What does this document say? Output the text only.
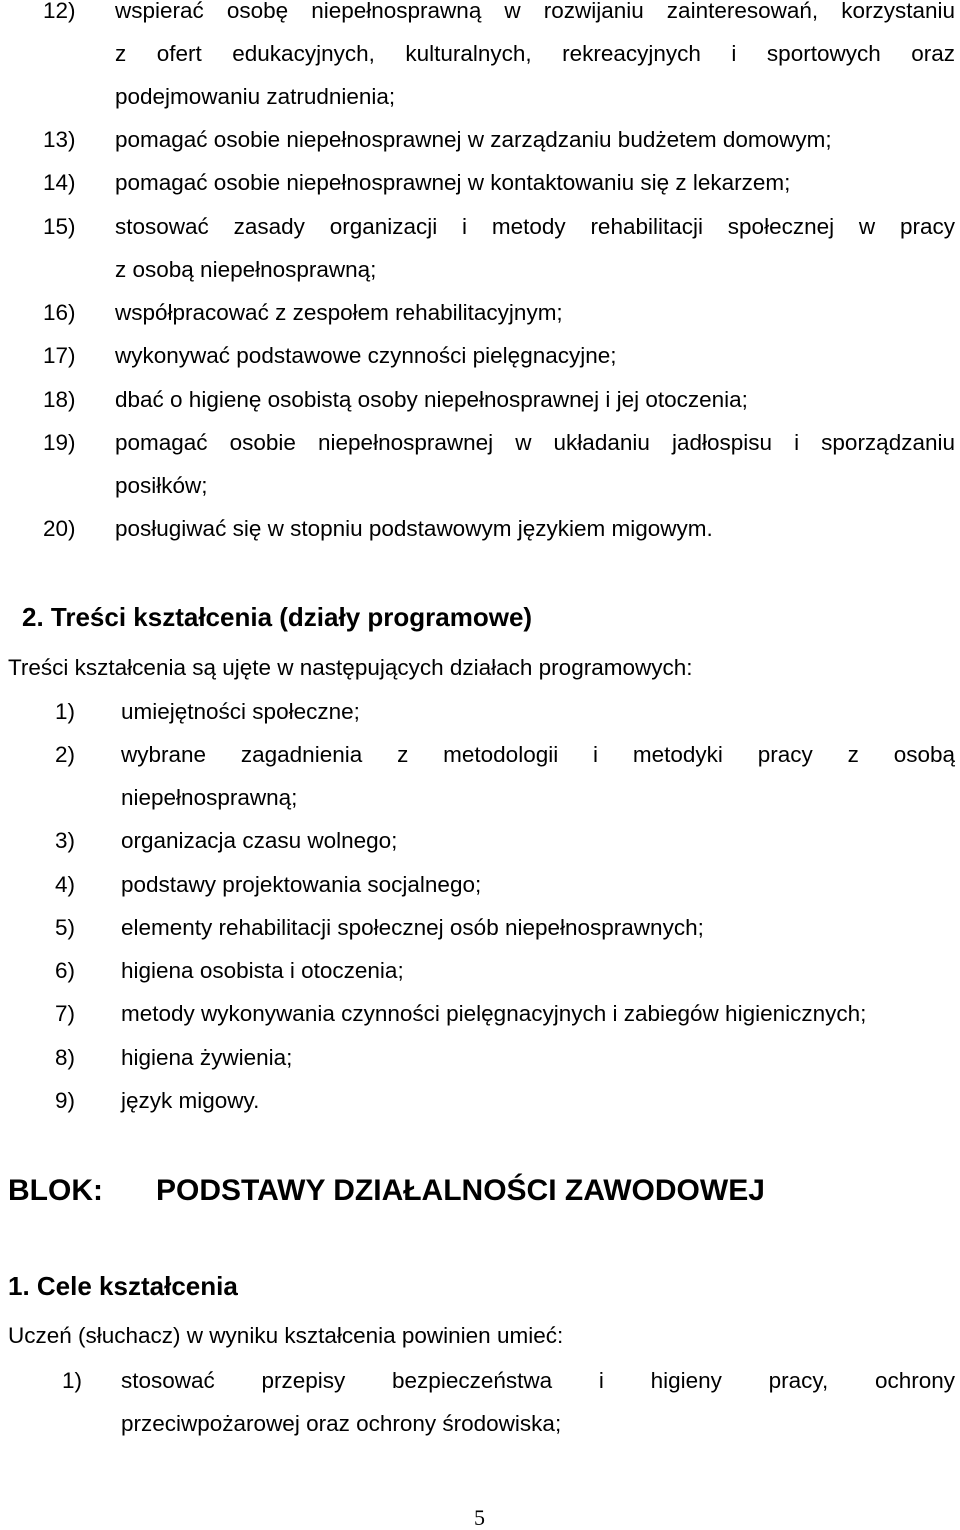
12) wspierać osobę niepełnosprawną w rozwijaniu zainteresowań, korzystaniu
z ofert edukacyjnych, kulturalnych, rekreacyjnych i sportowych oraz
podejmowaniu zatrudnienia;
13) pomagać osobie niepełnosprawnej w zarządzaniu budżetem domowym;
14) pomagać osobie niepełnosprawnej w kontaktowaniu się z lekarzem;
15) stosować zasady organizacji i metody rehabilitacji społecznej w pracy
z osobą niepełnosprawną;
16) współpracować z zespołem rehabilitacyjnym;
17) wykonywać podstawowe czynności pielęgnacyjne;
18) dbać o higienę osobistą osoby niepełnosprawnej i jej otoczenia;
19) pomagać osobie niepełnosprawnej w układaniu jadłospisu i sporządzaniu
posiłków;
20) posługiwać się w stopniu podstawowym językiem migowym.
2. Treści kształcenia (działy programowe)
Treści kształcenia są ujęte w następujących działach programowych:
1) umiejętności społeczne;
2) wybrane zagadnienia z metodologii i metodyki pracy z osobą
niepełnosprawną;
3) organizacja czasu wolnego;
4) podstawy projektowania socjalnego;
5) elementy rehabilitacji społecznej osób niepełnosprawnych;
6) higiena osobista i otoczenia;
7) metody wykonywania czynności pielęgnacyjnych i zabiegów higienicznych;
8) higiena żywienia;
9) język migowy.
BLOK: PODSTAWY DZIAŁALNOŚCI ZAWODOWEJ
1. Cele kształcenia
Uczeń (słuchacz) w wyniku kształcenia powinien umieć:
1) stosować przepisy bezpieczeństwa i higieny pracy, ochrony
przeciwpożarowej oraz ochrony środowiska;
5
